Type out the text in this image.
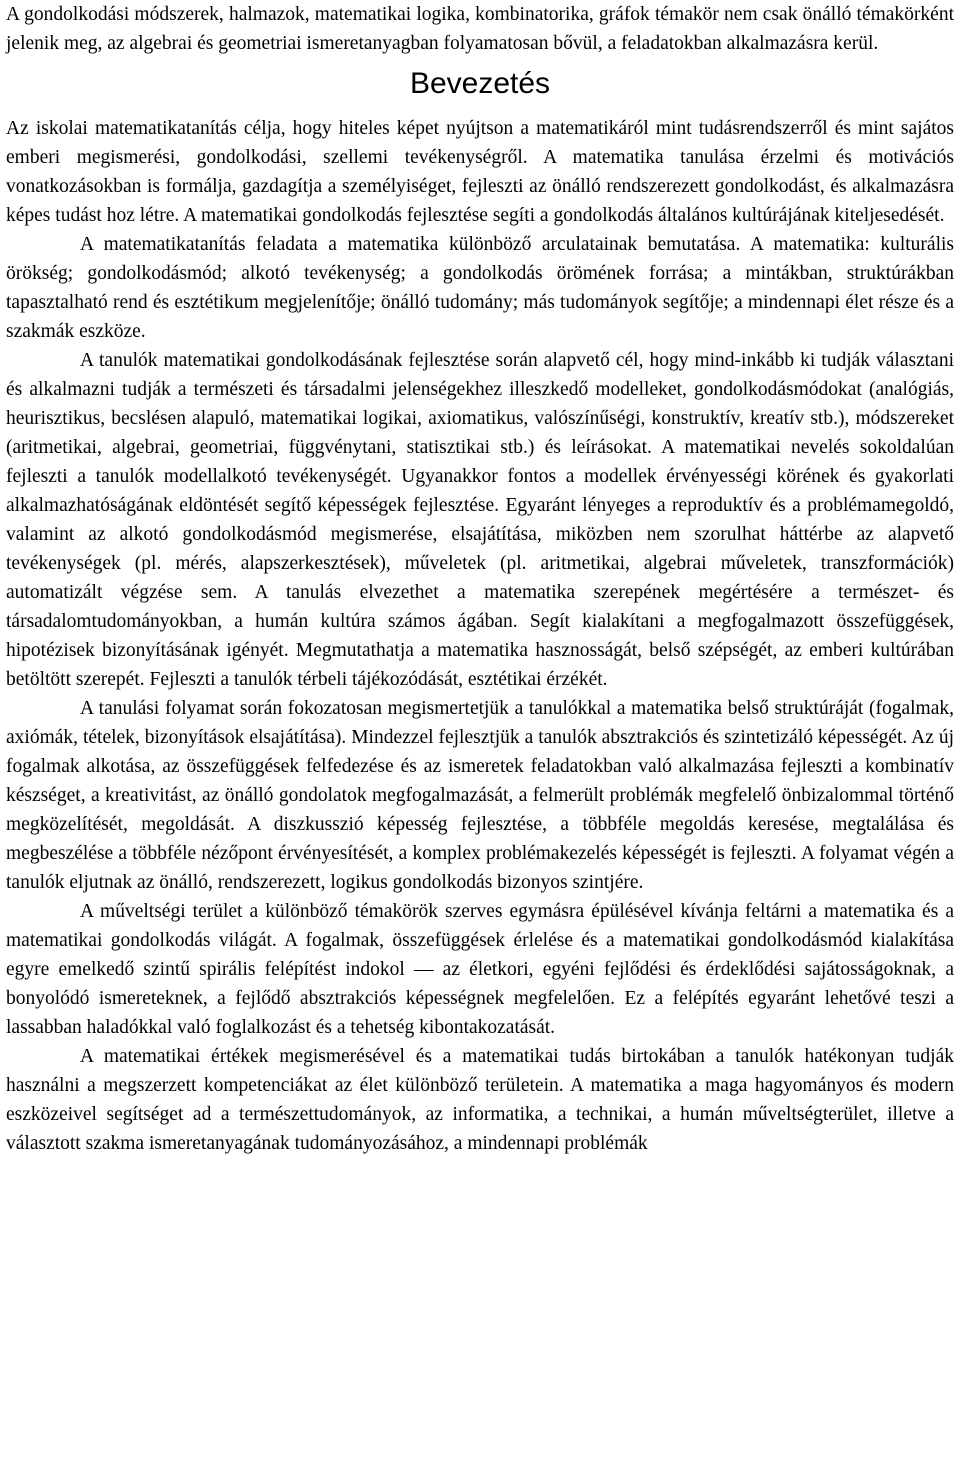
A gondolkodási módszerek, halmazok, matematikai logika, kombinatorika, gráfok témakör nem csak önálló témakörként jelenik meg, az algebrai és geometriai ismeretanyagban folyamatosan bővül, a feladatokban alkalmazásra kerül.

Bevezetés

Az iskolai matematikatanítás célja, hogy hiteles képet nyújtson a matematikáról mint tudásrendszerről és mint sajátos emberi megismerési, gondolkodási, szellemi tevékenységről. A matematika tanulása érzelmi és motivációs vonatkozásokban is formálja, gazdagítja a személyiséget, fejleszti az önálló rendszerezett gondolkodást, és alkalmazásra képes tudást hoz létre. A matematikai gondolkodás fejlesztése segíti a gondolkodás általános kultúrájának kiteljesedését.

A matematikatanítás feladata a matematika különböző arculatainak bemutatása. A matematika: kulturális örökség; gondolkodásmód; alkotó tevékenység; a gondolkodás örömének forrása; a mintákban, struktúrákban tapasztalható rend és esztétikum megjelenítője; önálló tudomány; más tudományok segítője; a mindennapi élet része és a szakmák eszköze.

A tanulók matematikai gondolkodásának fejlesztése során alapvető cél, hogy mind-inkább ki tudják választani és alkalmazni tudják a természeti és társadalmi jelenségekhez illeszkedő modelleket, gondolkodásmódokat (analógiás, heurisztikus, becslésen alapuló, matematikai logikai, axiomatikus, valószínűségi, konstruktív, kreatív stb.), módszereket (aritmetikai, algebrai, geometriai, függvénytani, statisztikai stb.) és leírásokat. A matematikai nevelés sokoldalúan fejleszti a tanulók modellalkotó tevékenységét. Ugyanakkor fontos a modellek érvényességi körének és gyakorlati alkalmazhatóságának eldöntését segítő képességek fejlesztése. Egyaránt lényeges a reproduktív és a problémamegoldó, valamint az alkotó gondolkodásmód megismerése, elsajátítása, miközben nem szorulhat háttérbe az alapvető tevékenységek (pl. mérés, alapszerkesztések), műveletek (pl. aritmetikai, algebrai műveletek, transzformációk) automatizált végzése sem. A tanulás elvezethet a matematika szerepének megértésére a természet- és társadalomtudományokban, a humán kultúra számos ágában. Segít kialakítani a megfogalmazott összefüggések, hipotézisek bizonyításának igényét. Megmutathatja a matematika hasznosságát, belső szépségét, az emberi kultúrában betöltött szerepét. Fejleszti a tanulók térbeli tájékozódását, esztétikai érzékét.

A tanulási folyamat során fokozatosan megismertetjük a tanulókkal a matematika belső struktúráját (fogalmak, axiómák, tételek, bizonyítások elsajátítása). Mindezzel fejlesztjük a tanulók absztrakciós és szintetizáló képességét. Az új fogalmak alkotása, az összefüggések felfedezése és az ismeretek feladatokban való alkalmazása fejleszti a kombinatív készséget, a kreativitást, az önálló gondolatok megfogalmazását, a felmerült problémák megfelelő önbizalommal történő megközelítését, megoldását. A diszkusszió képesség fejlesztése, a többféle megoldás keresése, megtalálása és megbeszélése a többféle nézőpont érvényesítését, a komplex problémakezelés képességét is fejleszti. A folyamat végén a tanulók eljutnak az önálló, rendszerezett, logikus gondolkodás bizonyos szintjére.

A műveltségi terület a különböző témakörök szerves egymásra épülésével kívánja feltárni a matematika és a matematikai gondolkodás világát. A fogalmak, összefüggések érlelése és a matematikai gondolkodásmód kialakítása egyre emelkedő szintű spirális felépítést indokol — az életkori, egyéni fejlődési és érdeklődési sajátosságoknak, a bonyolódó ismereteknek, a fejlődő absztrakciós képességnek megfelelően. Ez a felépítés egyaránt lehetővé teszi a lassabban haladókkal való foglalkozást és a tehetség kibontakozatását.

A matematikai értékek megismerésével és a matematikai tudás birtokában a tanulók hatékonyan tudják használni a megszerzett kompetenciákat az élet különböző területein. A matematika a maga hagyományos és modern eszközeivel segítséget ad a természettudományok, az informatika, a technikai, a humán műveltségterület, illetve a választott szakma ismeretanyagának tudományozásához, a mindennapi problémák
